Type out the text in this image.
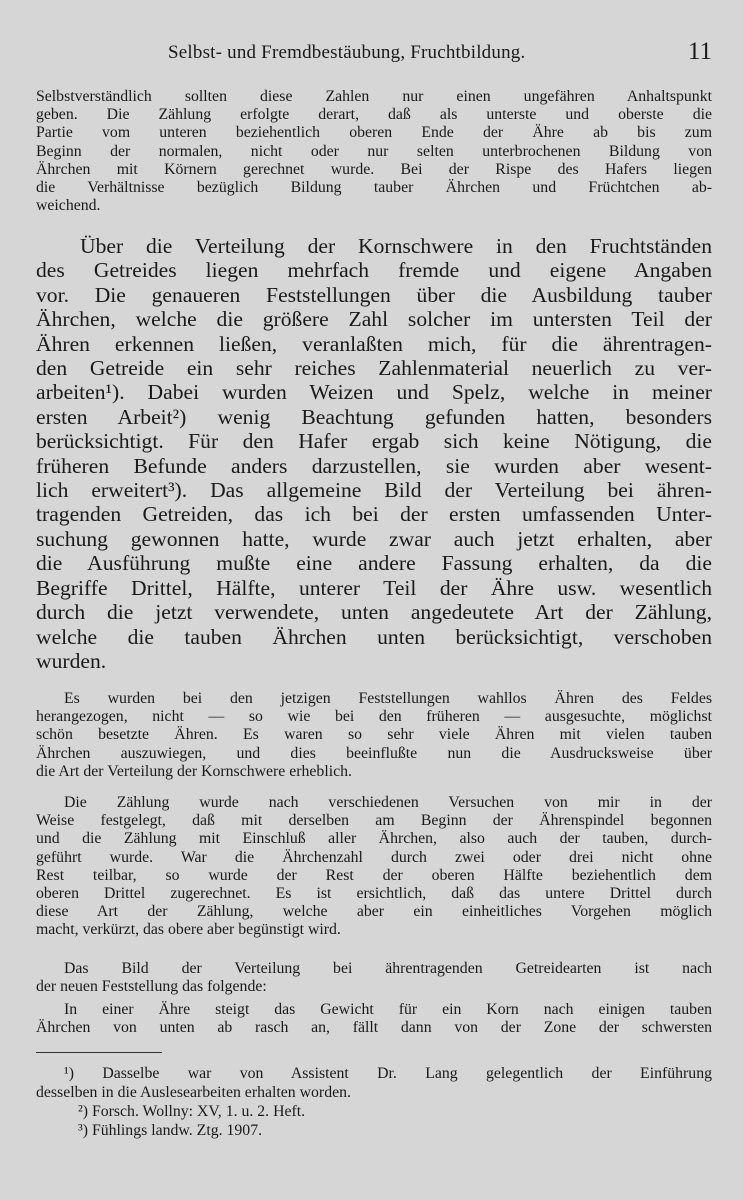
Selbst- und Fremdbestäubung, Fruchtbildung.	11
Selbstverständlich sollten diese Zahlen nur einen ungefähren Anhaltspunkt
geben. Die Zählung erfolgte derart, daß als unterste und oberste die
Partie vom unteren beziehentlich oberen Ende der Ähre ab bis zum
Beginn der normalen, nicht oder nur selten unterbrochenen Bildung von
Ährchen mit Körnern gerechnet wurde. Bei der Rispe des Hafers liegen
die Verhältnisse bezüglich Bildung tauber Ährchen und Früchtchen ab-
weichend.
Über die Verteilung der Kornschwere in den Fruchtständen
des Getreides liegen mehrfach fremde und eigene Angaben
vor. Die genaueren Feststellungen über die Ausbildung tauber
Ährchen, welche die größere Zahl solcher im untersten Teil der
Ähren erkennen ließen, veranlaßten mich, für die ährentragen-
den Getreide ein sehr reiches Zahlenmaterial neuerlich zu ver-
arbeiten¹). Dabei wurden Weizen und Spelz, welche in meiner
ersten Arbeit²) wenig Beachtung gefunden hatten, besonders
berücksichtigt. Für den Hafer ergab sich keine Nötigung, die
früheren Befunde anders darzustellen, sie wurden aber wesent-
lich erweitert³). Das allgemeine Bild der Verteilung bei ähren-
tragenden Getreiden, das ich bei der ersten umfassenden Unter-
suchung gewonnen hatte, wurde zwar auch jetzt erhalten, aber
die Ausführung mußte eine andere Fassung erhalten, da die
Begriffe Drittel, Hälfte, unterer Teil der Ähre usw. wesentlich
durch die jetzt verwendete, unten angedeutete Art der Zählung,
welche die tauben Ährchen unten berücksichtigt, verschoben
wurden.
Es wurden bei den jetzigen Feststellungen wahllos Ähren des Feldes
herangezogen, nicht — so wie bei den früheren — ausgesuchte, möglichst
schön besetzte Ähren. Es waren so sehr viele Ähren mit vielen tauben
Ährchen auszuwiegen, und dies beeinflußte nun die Ausdrucksweise über
die Art der Verteilung der Kornschwere erheblich.
Die Zählung wurde nach verschiedenen Versuchen von mir in der
Weise festgelegt, daß mit derselben am Beginn der Ährenspindel begonnen
und die Zählung mit Einschluß aller Ährchen, also auch der tauben, durch-
geführt wurde. War die Ährchenzahl durch zwei oder drei nicht ohne
Rest teilbar, so wurde der Rest der oberen Hälfte beziehentlich dem
oberen Drittel zugerechnet. Es ist ersichtlich, daß das untere Drittel durch
diese Art der Zählung, welche aber ein einheitliches Vorgehen möglich
macht, verkürzt, das obere aber begünstigt wird.
Das Bild der Verteilung bei ährentragenden Getreidearten ist nach
der neuen Feststellung das folgende:
In einer Ähre steigt das Gewicht für ein Korn nach einigen tauben
Ährchen von unten ab rasch an, fällt dann von der Zone der schwersten
¹) Dasselbe war von Assistent Dr. Lang gelegentlich der Einführung
desselben in die Auslesearbeiten erhalten worden.
²) Forsch. Wollny: XV, 1. u. 2. Heft.
³) Fühlings landw. Ztg. 1907.
